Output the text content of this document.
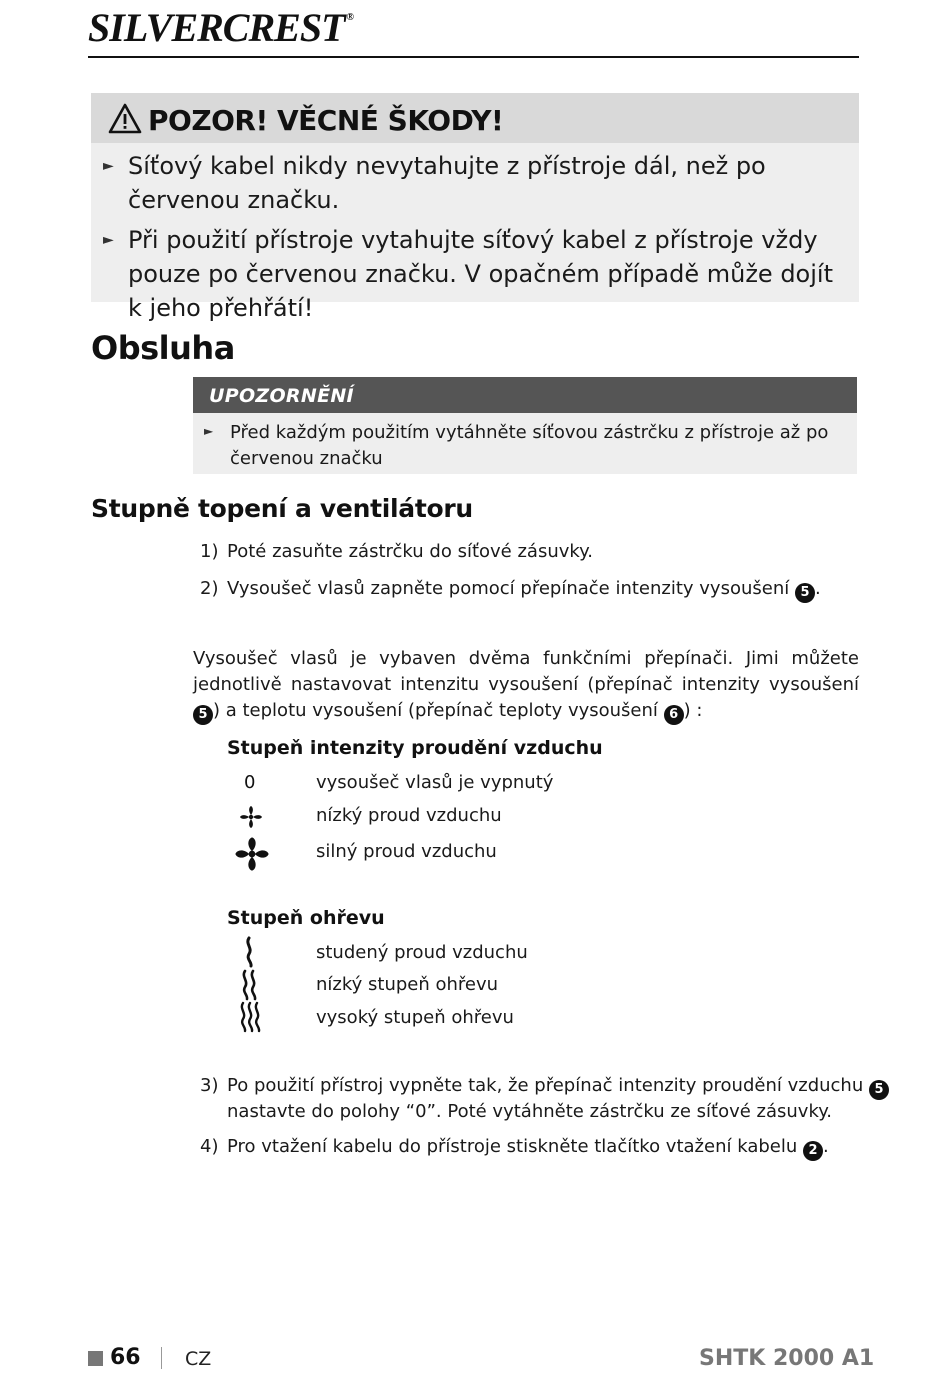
SILVERCREST ®
POZOR! VĚCNÉ ŠKODY!
► Síťový kabel nikdy nevytahujte z přístroje dál, než po červenou značku.
► Při použití přístroje vytahujte síťový kabel z přístroje vždy pouze po červenou značku. V opačném případě může dojít k jeho přehřátí!
Obsluha
UPOZORNĚNÍ
► Před každým použitím vytáhněte síťovou zástrčku z přístroje až po červenou značku
Stupně topení a ventilátoru
1) Poté zasuňte zástrčku do síťové zásuvky.
2) Vysoušeč vlasů zapněte pomocí přepínače intenzity vysoušení 5 .
Vysoušeč vlasů je vybaven dvěma funkčními přepínači. Jimi můžete jednotlivě nastavovat intenzitu vysoušení (přepínač intenzity vysoušení 5 ) a teplotu vysoušení (přepínač teploty vysoušení 6 ) :
Stupeň intenzity proudění vzduchu
0	vysoušeč vlasů je vypnutý
nízký proud vzduchu
silný proud vzduchu
Stupeň ohřevu
studený proud vzduchu
nízký stupeň ohřevu
vysoký stupeň ohřevu
3) Po použití přístroj vypněte tak, že přepínač intenzity proudění vzduchu 5
nastavte do polohy “0”. Poté vytáhněte zástrčku ze síťové zásuvky.
4) Pro vtažení kabelu do přístroje stiskněte tlačítko vtažení kabelu 2 .
66 CZ	SHTK 2000 A1
